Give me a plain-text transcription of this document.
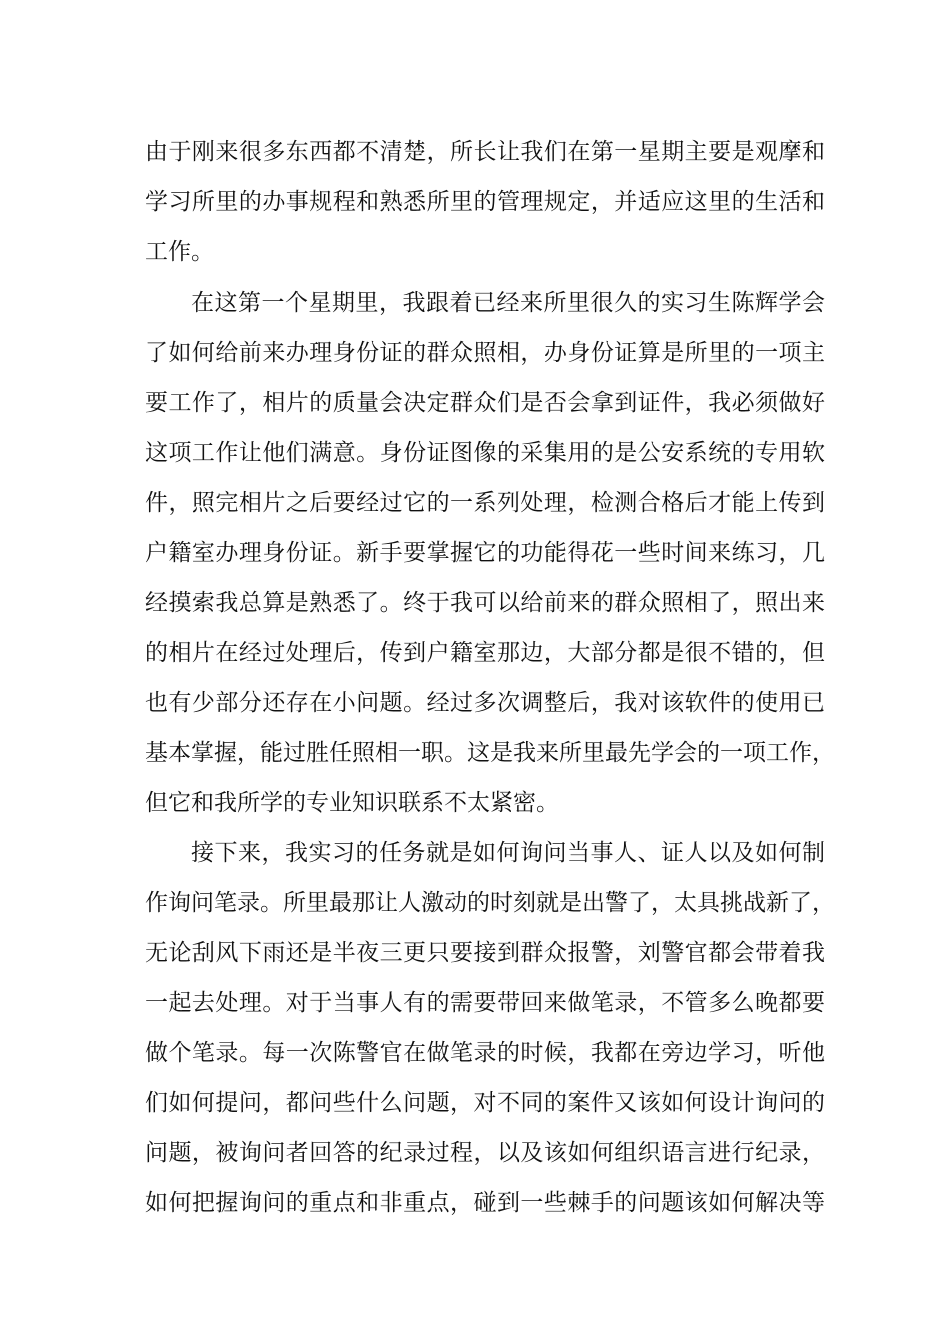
由于刚来很多东西都不清楚，所长让我们在第一星期主要是观摩和
学习所里的办事规程和熟悉所里的管理规定，并适应这里的生活和
工作。
在这第一个星期里，我跟着已经来所里很久的实习生陈辉学会
了如何给前来办理身份证的群众照相，办身份证算是所里的一项主
要工作了，相片的质量会决定群众们是否会拿到证件，我必须做好
这项工作让他们满意。身份证图像的采集用的是公安系统的专用软
件，照完相片之后要经过它的一系列处理，检测合格后才能上传到
户籍室办理身份证。新手要掌握它的功能得花一些时间来练习，几
经摸索我总算是熟悉了。终于我可以给前来的群众照相了，照出来
的相片在经过处理后，传到户籍室那边，大部分都是很不错的，但
也有少部分还存在小问题。经过多次调整后，我对该软件的使用已
基本掌握，能过胜任照相一职。这是我来所里最先学会的一项工作，
但它和我所学的专业知识联系不太紧密。
接下来，我实习的任务就是如何询问当事人、证人以及如何制
作询问笔录。所里最那让人激动的时刻就是出警了，太具挑战新了，
无论刮风下雨还是半夜三更只要接到群众报警，刘警官都会带着我
一起去处理。对于当事人有的需要带回来做笔录，不管多么晚都要
做个笔录。每一次陈警官在做笔录的时候，我都在旁边学习，听他
们如何提问，都问些什么问题，对不同的案件又该如何设计询问的
问题，被询问者回答的纪录过程，以及该如何组织语言进行纪录，
如何把握询问的重点和非重点，碰到一些棘手的问题该如何解决等
